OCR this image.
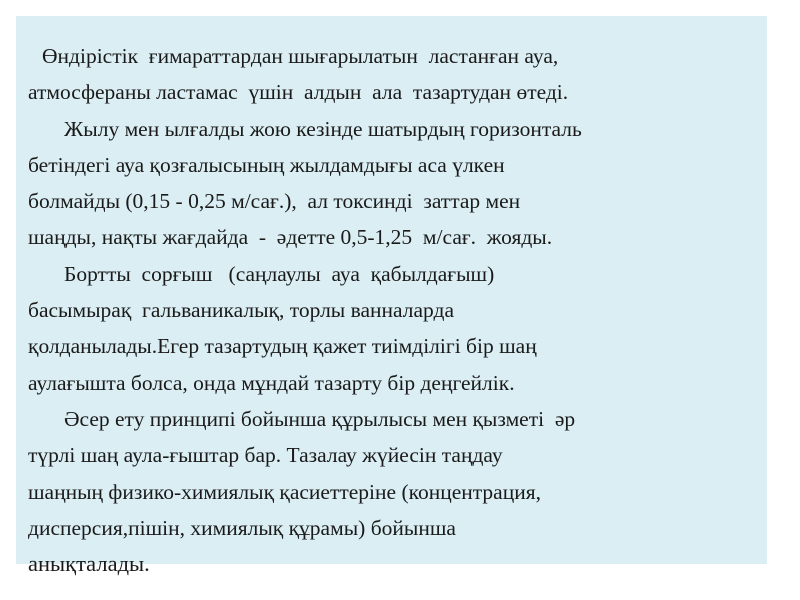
Өндірістік  ғимараттардан шығарылатын  ластанған ауа,
атмосфераны ластамас  үшін  алдын  ала  тазартудан өтеді.
Жылу мен ылғалды жою кезінде шатырдың горизонталь
бетіндегі ауа қозғалысының жылдамдығы аса үлкен
болмайды (0,15 - 0,25 м/сағ.),  ал токсинді  заттар мен
шаңды, нақты жағдайда  -  әдетте 0,5-1,25  м/сағ.  жояды.
Бортты  сорғыш   (саңлаулы  ауа  қабылдағыш)
басымырақ  гальваникалық, торлы ванналарда
қолданылады.Егер тазартудың қажет тиімділігі бір шаң
аулағышта болса, онда мұндай тазарту бір деңгейлік.
Әсер ету принципі бойынша құрылысы мен қызметі  әр
түрлі шаң аула-ғыштар бар. Тазалау жүйесін таңдау
шаңның физико-химиялық қасиеттеріне (концентрация,
дисперсия,пішін, химиялық құрамы) бойынша
анықталады.
